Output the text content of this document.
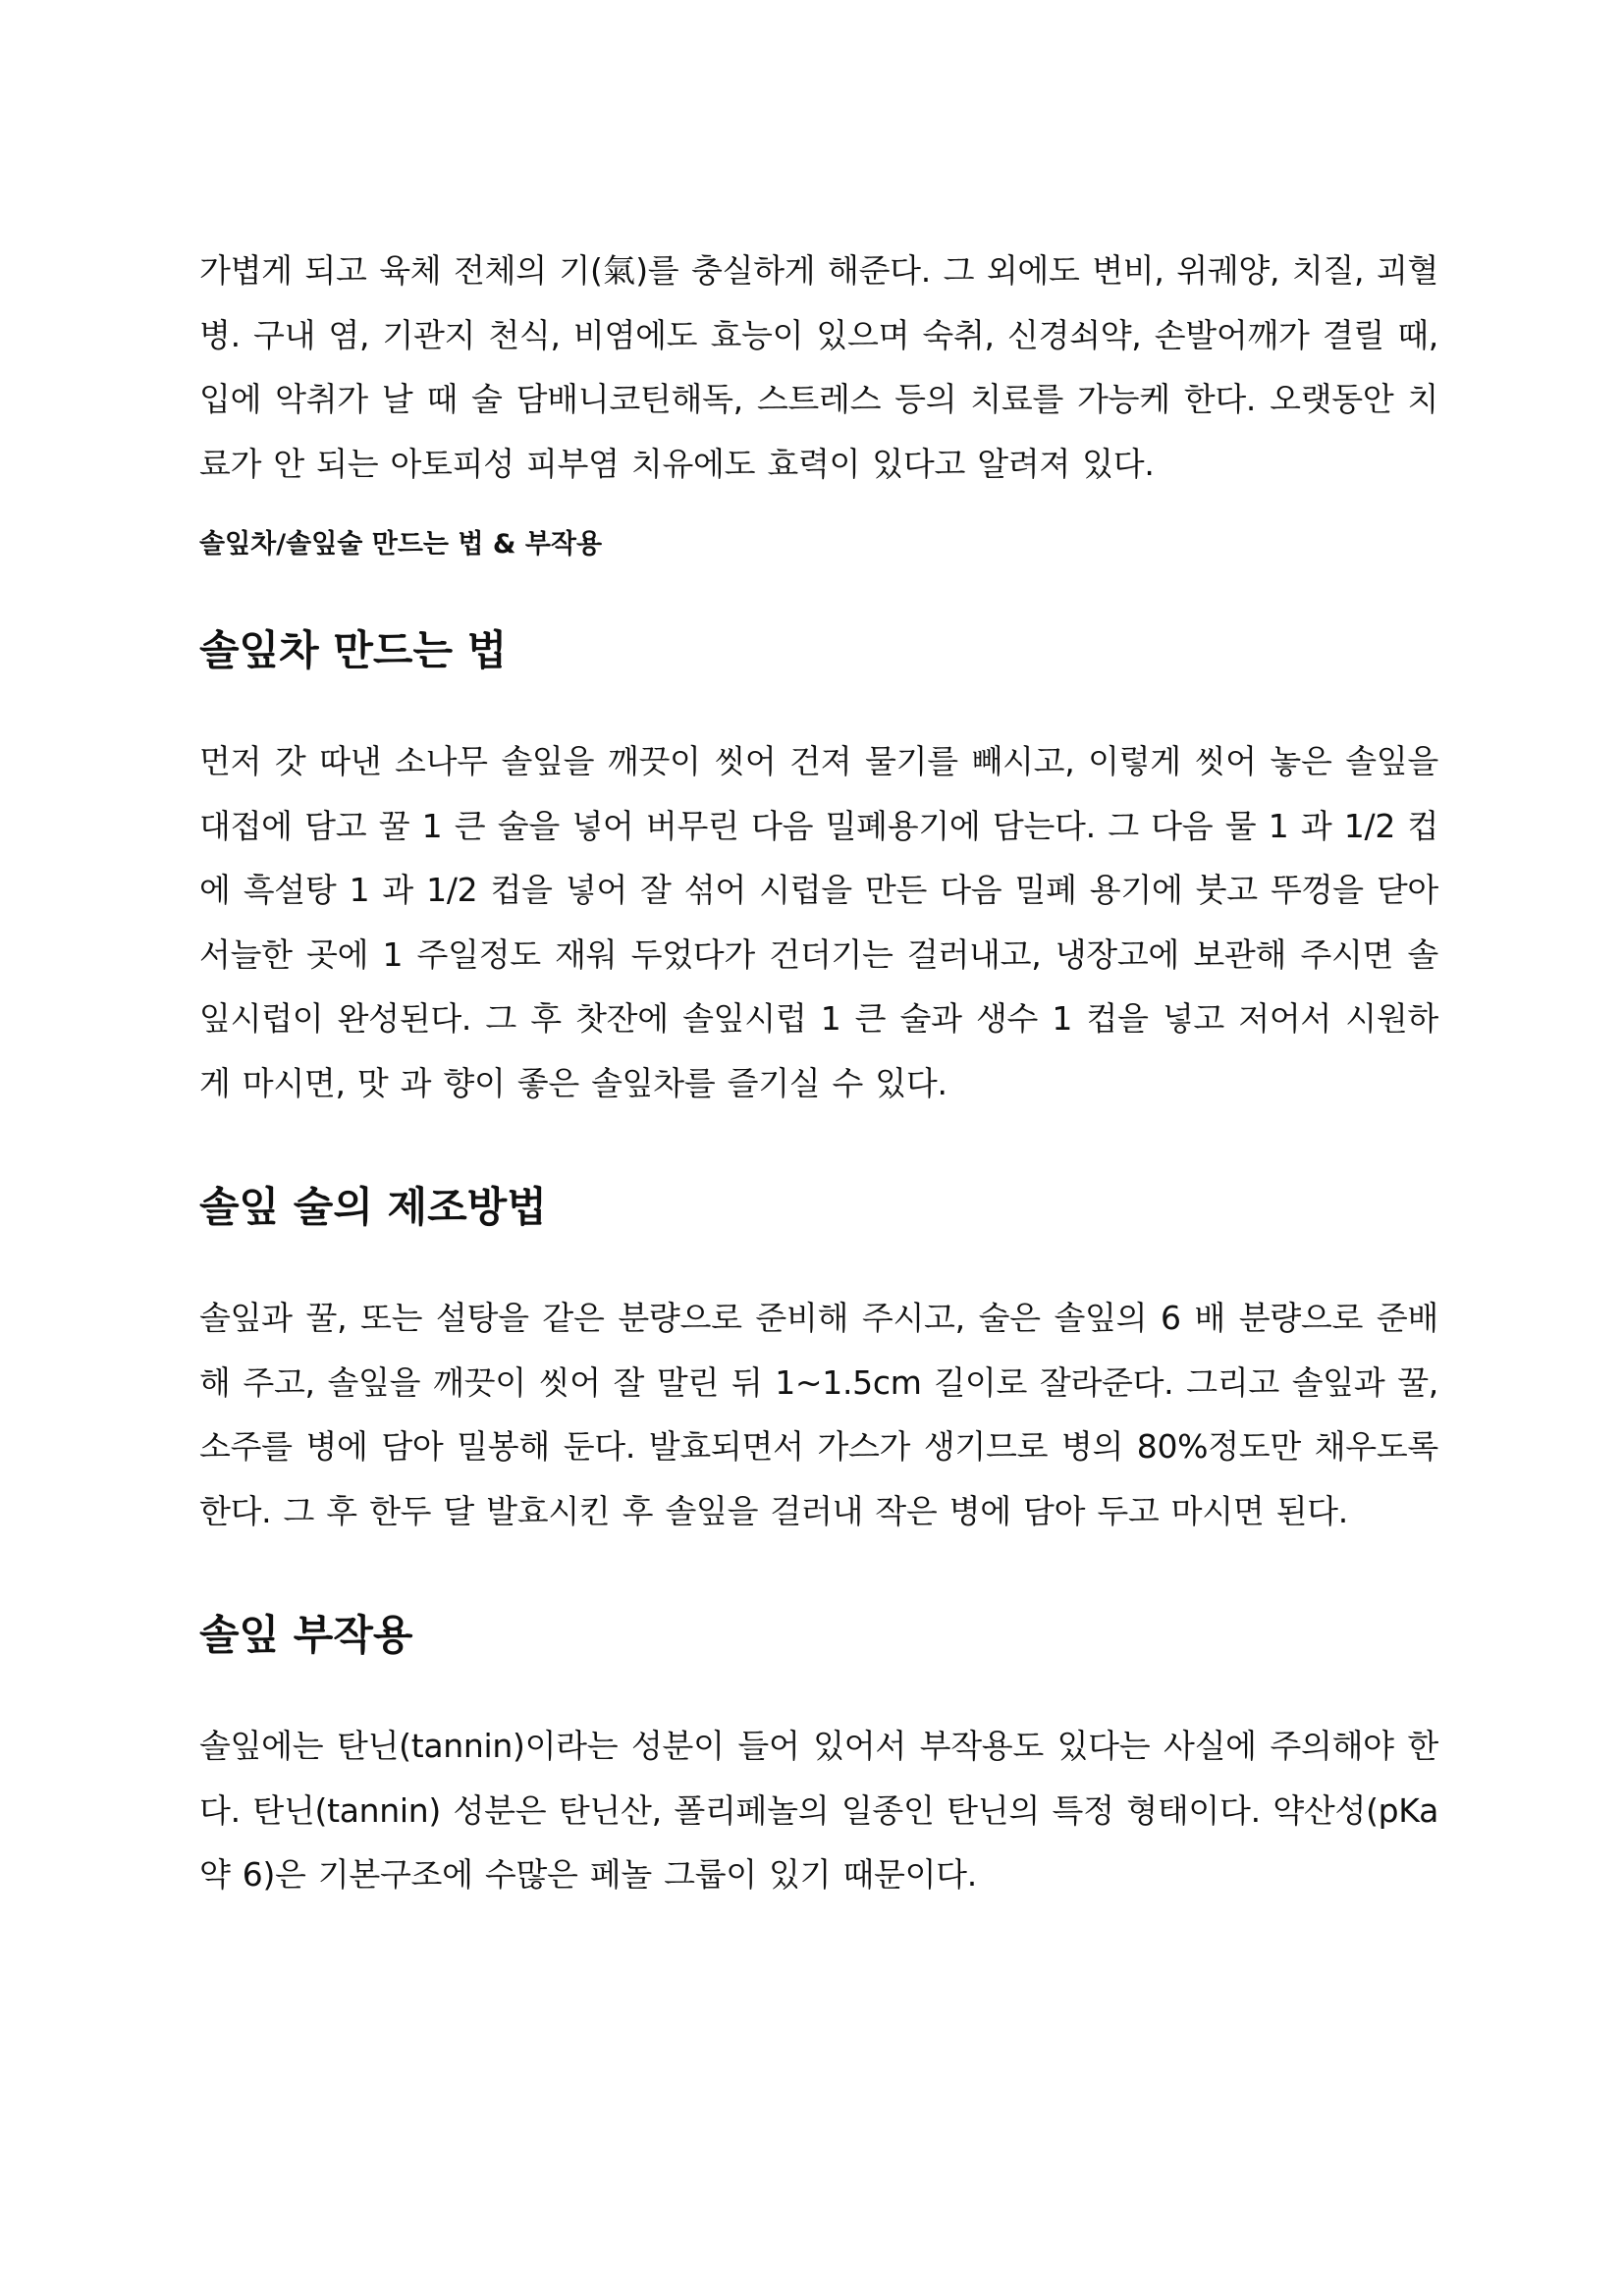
가볍게 되고 육체 전체의 기(氣)를 충실하게 해준다. 그 외에도 변비, 위궤양, 치질, 괴혈병. 구내 염, 기관지 천식, 비염에도 효능이 있으며 숙취, 신경쇠약, 손발어깨가 결릴 때, 입에 악취가 날 때 술 담배니코틴해독, 스트레스 등의 치료를 가능케 한다. 오랫동안 치료가 안 되는 아토피성 피부염 치유에도 효력이 있다고 알려져 있다.

솔잎차/솔잎술 만드는 법 & 부작용

솔잎차 만드는 법

먼저 갓 따낸 소나무 솔잎을 깨끗이 씻어 건져 물기를 빼시고, 이렇게 씻어 놓은 솔잎을 대접에 담고 꿀 1 큰 술을 넣어 버무린 다음 밀폐용기에 담는다. 그 다음 물 1 과 1/2 컵에 흑설탕 1 과 1/2 컵을 넣어 잘 섞어 시럽을 만든 다음 밀폐 용기에 붓고 뚜껑을 닫아 서늘한 곳에 1 주일정도 재워 두었다가 건더기는 걸러내고, 냉장고에 보관해 주시면 솔잎시럽이 완성된다. 그 후 찻잔에 솔잎시럽 1 큰 술과 생수 1 컵을 넣고 저어서 시원하게 마시면, 맛 과 향이 좋은 솔잎차를 즐기실 수 있다.

솔잎 술의 제조방법

솔잎과 꿀, 또는 설탕을 같은 분량으로 준비해 주시고, 술은 솔잎의 6 배 분량으로 준배해 주고, 솔잎을 깨끗이 씻어 잘 말린 뒤 1~1.5cm 길이로 잘라준다. 그리고 솔잎과 꿀, 소주를 병에 담아 밀봉해 둔다. 발효되면서 가스가 생기므로 병의 80%정도만 채우도록 한다. 그 후 한두 달 발효시킨 후 솔잎을 걸러내 작은 병에 담아 두고 마시면 된다.

솔잎 부작용

솔잎에는 탄닌(tannin)이라는 성분이 들어 있어서 부작용도 있다는 사실에 주의해야 한다. 탄닌(tannin) 성분은 탄닌산, 폴리페놀의 일종인 탄닌의 특정 형태이다. 약산성(pKa 약 6)은 기본구조에 수많은 페놀 그룹이 있기 때문이다.
